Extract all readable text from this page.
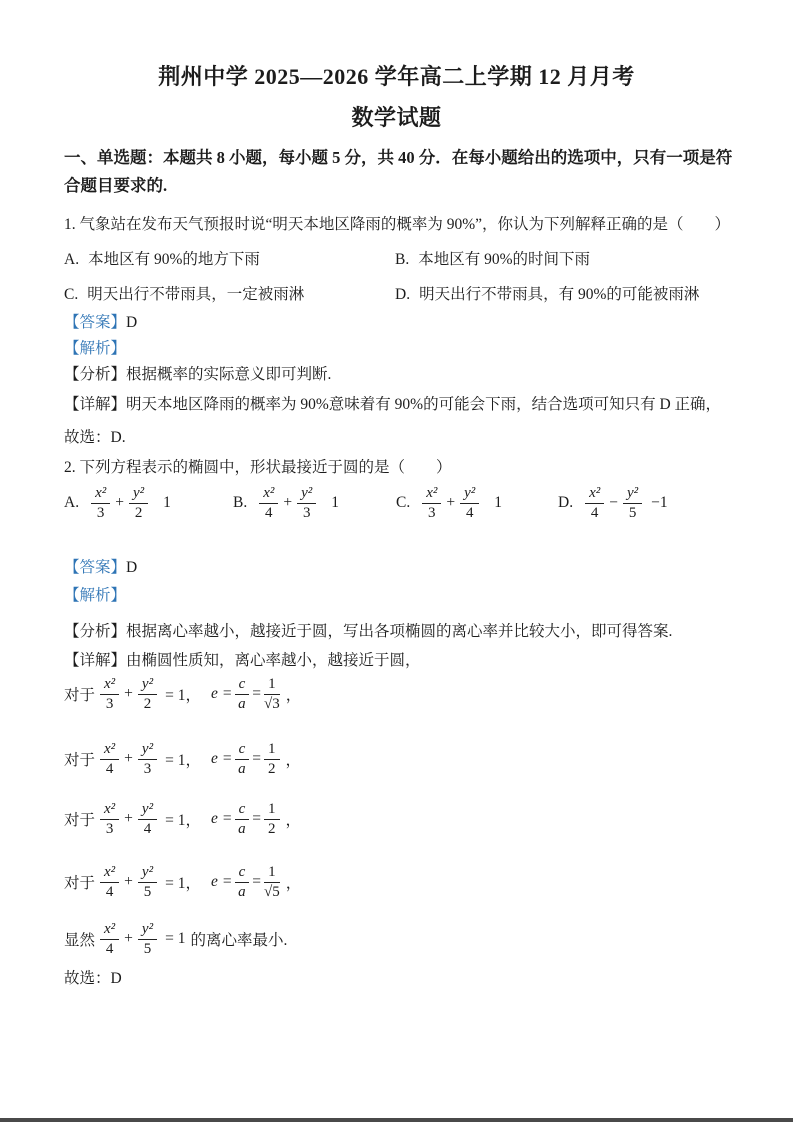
荆州中学 2025—2026 学年高二上学期 12 月月考
数学试题
一、单选题：本题共 8 小题，每小题 5 分，共 40 分．在每小题给出的选项中，只有一项是符
合题目要求的.
1. 气象站在发布天气预报时说“明天本地区降雨的概率为 90%”，你认为下列解释正确的是（　　）
A. 本地区有 90%的地方下雨	B. 本地区有 90%的时间下雨
C. 明天出行不带雨具，一定被雨淋	D. 明天出行不带雨具，有 90%的可能被雨淋
【答案】D
【解析】
【分析】根据概率的实际意义即可判断.
【详解】明天本地区降雨的概率为 90%意味着有 90%的可能会下雨，结合选项可知只有 D 正确，
故选：D.
2. 下列方程表示的椭圆中，形状最接近于圆的是（　　）
A. $\frac{\text{x²}}{3} + \frac{\text{y²}}{2} 1$	B. $\frac{\text{x²}}{4} + \frac{\text{y²}}{3} 1$	C. $\frac{\text{x²}}{3} + \frac{\text{y²}}{4} 1$	D. $\frac{\text{x²}}{4} - \frac{\text{y²}}{5} -1$
【答案】D
【解析】
【分析】根据离心率越小，越接近于圆，写出各项椭圆的离心率并比较大小，即可得答案.
【详解】由椭圆性质知，离心率越小，越接近于圆，
对于 $\frac{\text{x²}}{3} + \frac{\text{y²}}{2} = 1$， $e = \frac{c}{a} = \frac{1}{√3}$ ，
对于 $\frac{\text{x²}}{4} + \frac{\text{y²}}{3} = 1$， $e = \frac{c}{a} = \frac{1}{2}$ ，
对于 $\frac{\text{x²}}{3} + \frac{\text{y²}}{4} = 1$， $e = \frac{c}{a} = \frac{1}{2}$ ，
对于 $\frac{\text{x²}}{4} + \frac{\text{y²}}{5} = 1$， $e = \frac{c}{a} = \frac{1}{√5}$ ，
显然 $\frac{\text{x²}}{4} + \frac{\text{y²}}{5} = 1$ 的离心率最小.
故选：D
